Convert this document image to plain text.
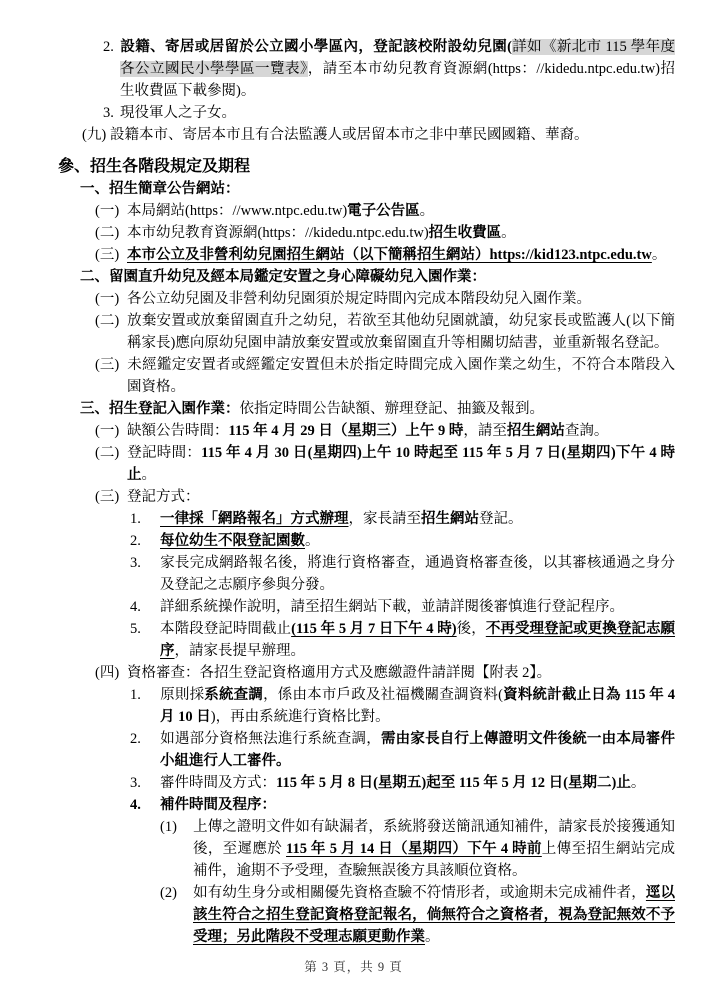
2. 設籍、寄居或居留於公立國小學區內，登記該校附設幼兒園(詳如《新北市 115 學年度各公立國民小學學區一覽表》，請至本市幼兒教育資源網(https：//kidedu.ntpc.edu.tw)招生收費區下載參閱)。
3. 現役軍人之子女。
(九) 設籍本市、寄居本市且有合法監護人或居留本市之非中華民國國籍、華裔。
參、招生各階段規定及期程
一、招生簡章公告網站：
(一) 本局網站(https：//www.ntpc.edu.tw)電子公告區。
(二) 本市幼兒教育資源網(https：//kidedu.ntpc.edu.tw)招生收費區。
(三) 本市公立及非營利幼兒園招生網站（以下簡稱招生網站）https://kid123.ntpc.edu.tw。
二、留園直升幼兒及經本局鑑定安置之身心障礙幼兒入園作業：
(一) 各公立幼兒園及非營利幼兒園須於規定時間內完成本階段幼兒入園作業。
(二) 放棄安置或放棄留園直升之幼兒，若欲至其他幼兒園就讀，幼兒家長或監護人(以下簡稱家長)應向原幼兒園申請放棄安置或放棄留園直升等相關切結書，並重新報名登記。
(三) 未經鑑定安置者或經鑑定安置但未於指定時間完成入園作業之幼生，不符合本階段入園資格。
三、招生登記入園作業：依指定時間公告缺額、辦理登記、抽籤及報到。
(一) 缺額公告時間：115 年 4 月 29 日（星期三）上午 9 時，請至招生網站查詢。
(二) 登記時間：115 年 4 月 30 日(星期四)上午 10 時起至 115 年 5 月 7 日(星期四)下午 4 時止。
(三) 登記方式：
1. 一律採「網路報名」方式辦理，家長請至招生網站登記。
2. 每位幼生不限登記園數。
3. 家長完成網路報名後，將進行資格審查，通過資格審查後，以其審核通過之身分及登記之志願序參與分發。
4. 詳細系統操作說明，請至招生網站下載，並請詳閱後審慎進行登記程序。
5. 本階段登記時間截止(115 年 5 月 7 日下午 4 時)後，不再受理登記或更換登記志願序，請家長提早辦理。
(四) 資格審查：各招生登記資格適用方式及應繳證件請詳閱【附表 2】。
1. 原則採系統查調，係由本市戶政及社福機關查調資料(資料統計截止日為 115 年 4 月 10 日)，再由系統進行資格比對。
2. 如遇部分資格無法進行系統查調，需由家長自行上傳證明文件後統一由本局審件小組進行人工審件。
3. 審件時間及方式：115 年 5 月 8 日(星期五)起至 115 年 5 月 12 日(星期二)止。
4. 補件時間及程序：
(1) 上傳之證明文件如有缺漏者，系統將發送簡訊通知補件，請家長於接獲通知後，至遲應於 115 年 5 月 14 日（星期四）下午 4 時前上傳至招生網站完成補件，逾期不予受理，查驗無誤後方具該順位資格。
(2) 如有幼生身分或相關優先資格查驗不符情形者，或逾期未完成補件者，逕以該生符合之招生登記資格登記報名，倘無符合之資格者，視為登記無效不予受理；另此階段不受理志願更動作業。
第 3 頁，共 9 頁
